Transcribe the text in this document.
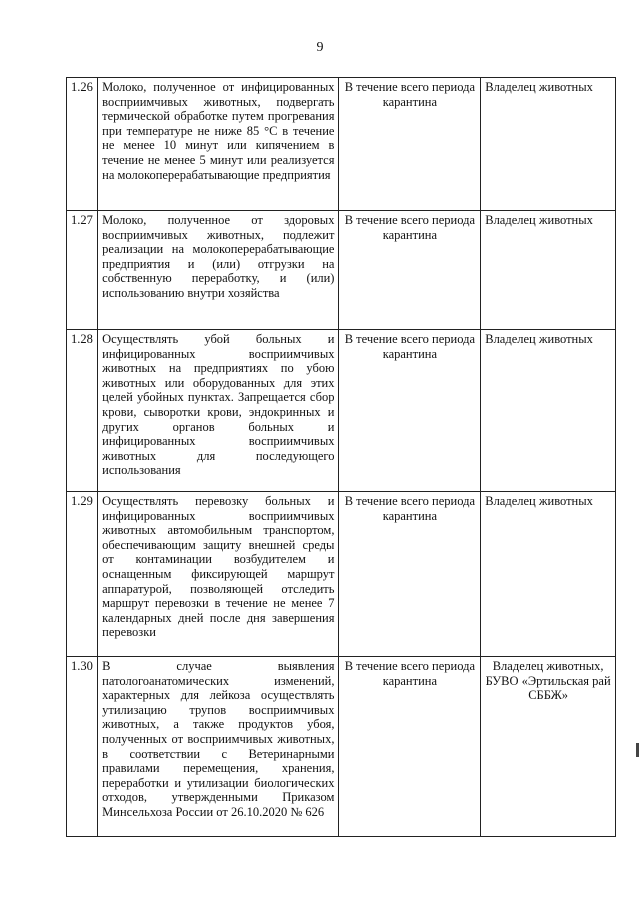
9
1.26	Молоко, полученное от инфицированных восприимчивых животных, подвергать термической обработке путем прогревания при температуре не ниже 85 °С в течение не менее 10 минут или кипячением в течение не менее 5 минут или реализуется на молокоперерабатывающие предприятия	В течение всего периода карантина	Владелец животных
1.27	Молоко, полученное от здоровых восприимчивых животных, подлежит реализации на молокоперерабатывающие предприятия и (или) отгрузки на собственную переработку, и (или) использованию внутри хозяйства	В течение всего периода карантина	Владелец животных
1.28	Осуществлять убой больных и инфицированных восприимчивых животных на предприятиях по убою животных или оборудованных для этих целей убойных пунктах. Запрещается сбор крови, сыворотки крови, эндокринных и других органов больных и инфицированных восприимчивых животных для последующего использования	В течение всего периода карантина	Владелец животных
1.29	Осуществлять перевозку больных и инфицированных восприимчивых животных автомобильным транспортом, обеспечивающим защиту внешней среды от контаминации возбудителем и оснащенным фиксирующей маршрут аппаратурой, позволяющей отследить маршрут перевозки в течение не менее 7 календарных дней после дня завершения перевозки	В течение всего периода карантина	Владелец животных
1.30	В случае выявления патологоанатомических изменений, характерных для лейкоза осуществлять утилизацию трупов восприимчивых животных, а также продуктов убоя, полученных от восприимчивых животных, в соответствии с Ветеринарными правилами перемещения, хранения, переработки и утилизации биологических отходов, утвержденными Приказом Минсельхоза России от 26.10.2020 № 626	В течение всего периода карантина	Владелец животных, БУВО «Эртильская рай СББЖ»
